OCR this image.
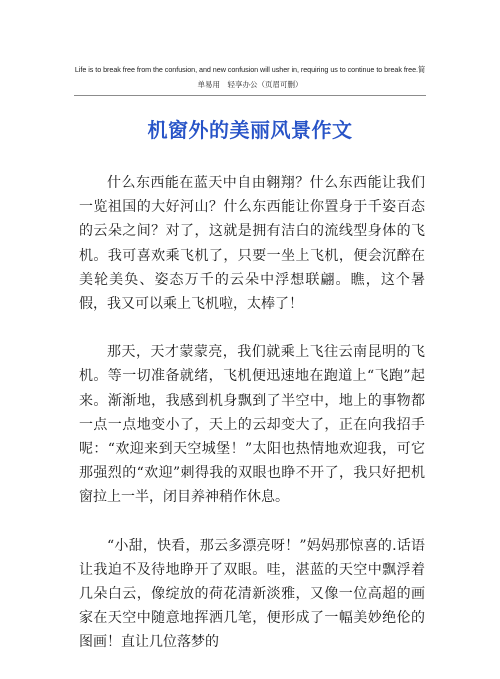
Life is to break free from the confusion, and new confusion will usher in, requiring us to continue to break free.简
单易用　轻享办公（页眉可删）
机窗外的美丽风景作文

什么东西能在蓝天中自由翱翔？什么东西能让我们一览祖国的大好河山？什么东西能让你置身于千姿百态的云朵之间？对了，这就是拥有洁白的流线型身体的飞机。我可喜欢乘飞机了，只要一坐上飞机，便会沉醉在美轮美奂、姿态万千的云朵中浮想联翩。瞧，这个暑假，我又可以乘上飞机啦，太棒了！

那天，天才蒙蒙亮，我们就乘上飞往云南昆明的飞机。等一切准备就绪，飞机便迅速地在跑道上“飞跑”起来。渐渐地，我感到机身飘到了半空中，地上的事物都一点一点地变小了，天上的云却变大了，正在向我招手呢：“欢迎来到天空城堡！”太阳也热情地欢迎我，可它那强烈的“欢迎”刺得我的双眼也睁不开了，我只好把机窗拉上一半，闭目养神稍作休息。

“小甜，快看，那云多漂亮呀！”妈妈那惊喜的.话语让我迫不及待地睁开了双眼。哇，湛蓝的天空中飘浮着几朵白云，像绽放的荷花清新淡雅，又像一位高超的画家在天空中随意地挥洒几笔，便形成了一幅美妙绝伦的图画！直让几位落梦的
